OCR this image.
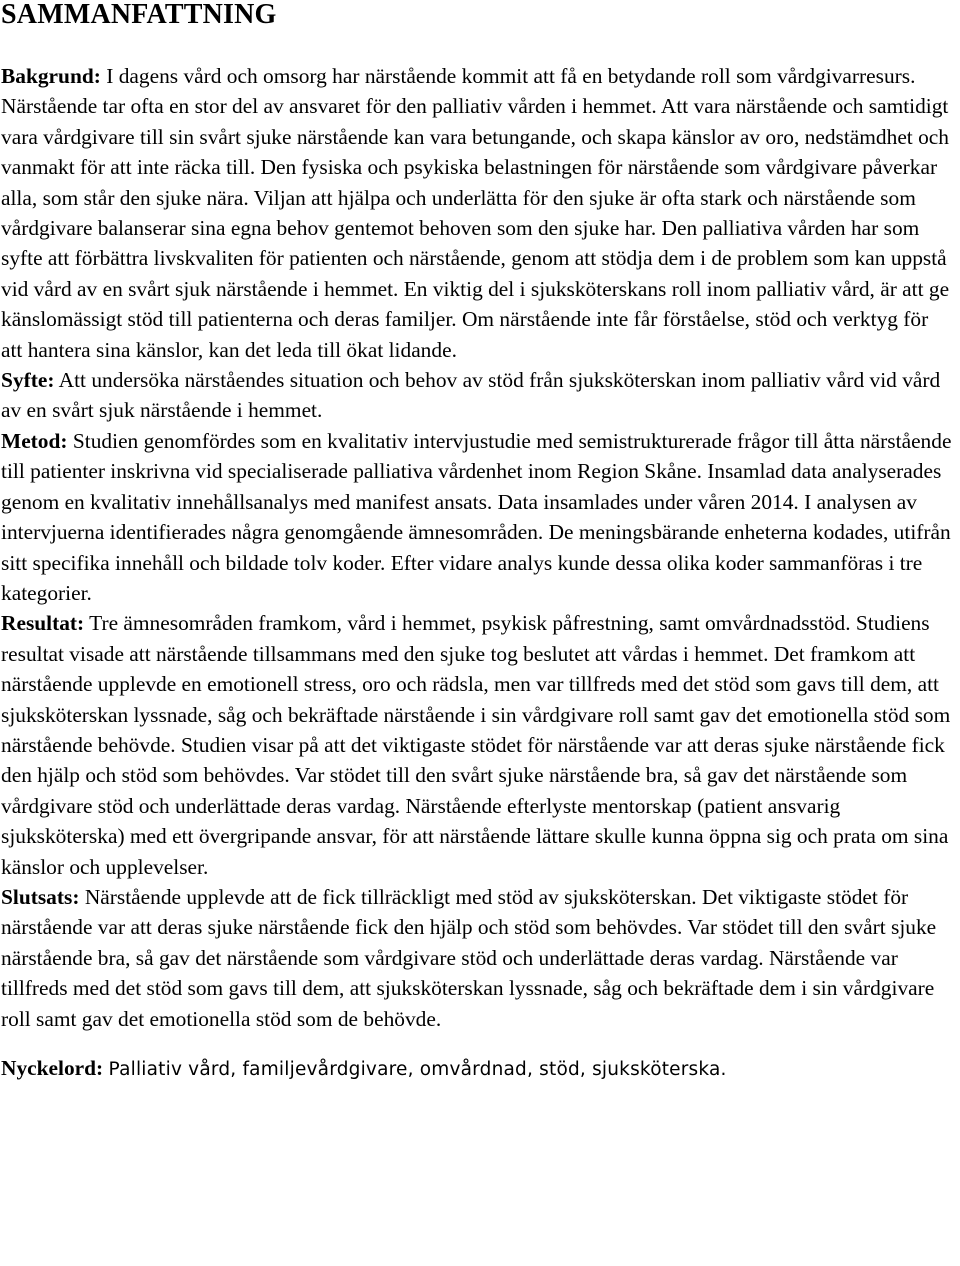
SAMMANFATTNING

Bakgrund: I dagens vård och omsorg har närstående kommit att få en betydande roll som vårdgivarresurs. Närstående tar ofta en stor del av ansvaret för den palliativ vården i hemmet. Att vara närstående och samtidigt vara vårdgivare till sin svårt sjuke närstående kan vara betungande, och skapa känslor av oro, nedstämdhet och vanmakt för att inte räcka till. Den fysiska och psykiska belastningen för närstående som vårdgivare påverkar alla, som står den sjuke nära. Viljan att hjälpa och underlätta för den sjuke är ofta stark och närstående som vårdgivare balanserar sina egna behov gentemot behoven som den sjuke har. Den palliativa vården har som syfte att förbättra livskvaliten för patienten och närstående, genom att stödja dem i de problem som kan uppstå vid vård av en svårt sjuk närstående i hemmet. En viktig del i sjuksköterskans roll inom palliativ vård, är att ge känslomässigt stöd till patienterna och deras familjer. Om närstående inte får förståelse, stöd och verktyg för att hantera sina känslor, kan det leda till ökat lidande.

Syfte: Att undersöka närståendes situation och behov av stöd från sjuksköterskan inom palliativ vård vid vård av en svårt sjuk närstående i hemmet.

Metod: Studien genomfördes som en kvalitativ intervjustudie med semistrukturerade frågor till åtta närstående till patienter inskrivna vid specialiserade palliativa vårdenhet inom Region Skåne. Insamlad data analyserades genom en kvalitativ innehållsanalys med manifest ansats. Data insamlades under våren 2014. I analysen av intervjuerna identifierades några genomgående ämnesområden. De meningsbärande enheterna kodades, utifrån sitt specifika innehåll och bildade tolv koder. Efter vidare analys kunde dessa olika koder sammanföras i tre kategorier.

Resultat: Tre ämnesområden framkom, vård i hemmet, psykisk påfrestning, samt omvårdnadsstöd. Studiens resultat visade att närstående tillsammans med den sjuke tog beslutet att vårdas i hemmet. Det framkom att närstående upplevde en emotionell stress, oro och rädsla, men var tillfreds med det stöd som gavs till dem, att sjuksköterskan lyssnade, såg och bekräftade närstående i sin vårdgivare roll samt gav det emotionella stöd som närstående behövde. Studien visar på att det viktigaste stödet för närstående var att deras sjuke närstående fick den hjälp och stöd som behövdes. Var stödet till den svårt sjuke närstående bra, så gav det närstående som vårdgivare stöd och underlättade deras vardag. Närstående efterlyste mentorskap (patient ansvarig sjuksköterska) med ett övergripande ansvar, för att närstående lättare skulle kunna öppna sig och prata om sina känslor och upplevelser.

Slutsats: Närstående upplevde att de fick tillräckligt med stöd av sjuksköterskan. Det viktigaste stödet för närstående var att deras sjuke närstående fick den hjälp och stöd som behövdes. Var stödet till den svårt sjuke närstående bra, så gav det närstående som vårdgivare stöd och underlättade deras vardag. Närstående var tillfreds med det stöd som gavs till dem, att sjuksköterskan lyssnade, såg och bekräftade dem i sin vårdgivare roll samt gav det emotionella stöd som de behövde.

Nyckelord: Palliativ vård, familjevårdgivare, omvårdnad, stöd, sjuksköterska.
